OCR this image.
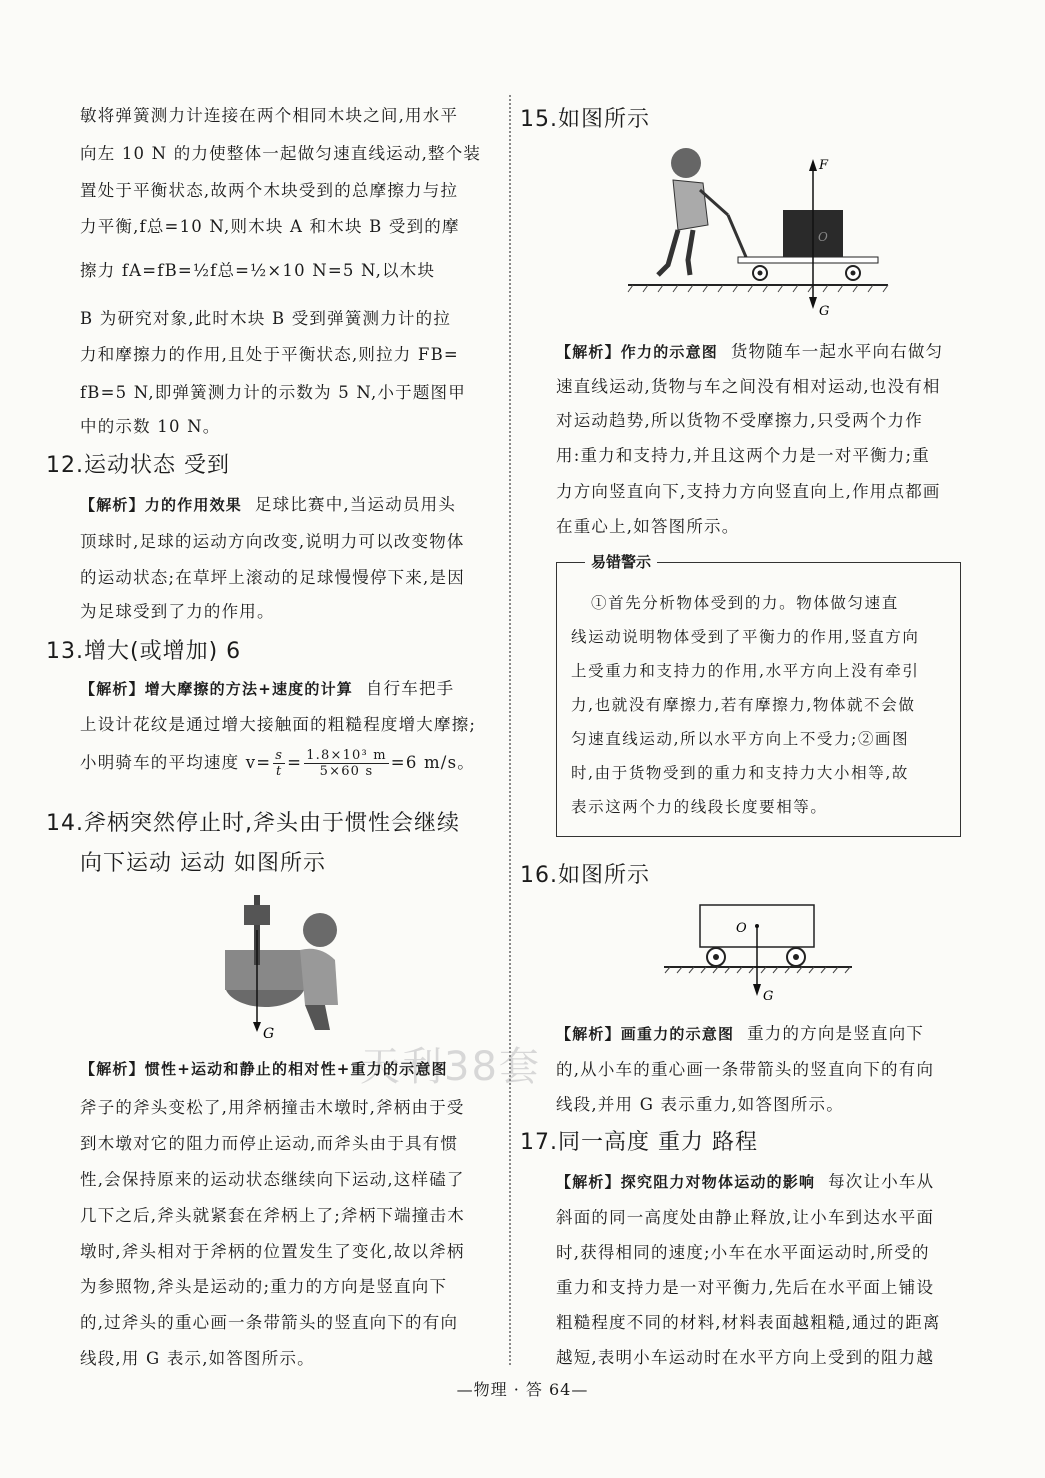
天利38套
敏将弹簧测力计连接在两个相同木块之间,用水平
向左 10 N 的力使整体一起做匀速直线运动,整个装
置处于平衡状态,故两个木块受到的总摩擦力与拉
力平衡,f总=10 N,则木块 A 和木块 B 受到的摩
擦力 fA=fB=½f总=½×10 N=5 N,以木块
B 为研究对象,此时木块 B 受到弹簧测力计的拉
力和摩擦力的作用,且处于平衡状态,则拉力 FB=
fB=5 N,即弹簧测力计的示数为 5 N,小于题图甲
中的示数 10 N。
12.运动状态 受到
【解析】力的作用效果 足球比赛中,当运动员用头
顶球时,足球的运动方向改变,说明力可以改变物体
的运动状态;在草坪上滚动的足球慢慢停下来,是因
为足球受到了力的作用。
13.增大(或增加) 6
【解析】增大摩擦的方法+速度的计算 自行车把手
上设计花纹是通过增大接触面的粗糙程度增大摩擦;
小明骑车的平均速度 $v= \frac{s}{t} = \frac{\text{1.8×10³ m}}{5\times 60 s} =6$ m/s。
14.斧柄突然停止时,斧头由于惯性会继续
向下运动 运动 如图所示
G
【解析】惯性+运动和静止的相对性+重力的示意图
斧子的斧头变松了,用斧柄撞击木墩时,斧柄由于受
到木墩对它的阻力而停止运动,而斧头由于具有惯
性,会保持原来的运动状态继续向下运动,这样磕了
几下之后,斧头就紧套在斧柄上了;斧柄下端撞击木
墩时,斧头相对于斧柄的位置发生了变化,故以斧柄
为参照物,斧头是运动的;重力的方向是竖直向下
的,过斧头的重心画一条带箭头的竖直向下的有向
线段,用 G 表示,如答图所示。
15.如图所示
F
O
G
【解析】作力的示意图 货物随车一起水平向右做匀
速直线运动,货物与车之间没有相对运动,也没有相
对运动趋势,所以货物不受摩擦力,只受两个力作
用:重力和支持力,并且这两个力是一对平衡力;重
力方向竖直向下,支持力方向竖直向上,作用点都画
在重心上,如答图所示。
易错警示
①首先分析物体受到的力。物体做匀速直
线运动说明物体受到了平衡力的作用,竖直方向
上受重力和支持力的作用,水平方向上没有牵引
力,也就没有摩擦力,若有摩擦力,物体就不会做
匀速直线运动,所以水平方向上不受力;②画图
时,由于货物受到的重力和支持力大小相等,故
表示这两个力的线段长度要相等。
16.如图所示
O
G
【解析】画重力的示意图 重力的方向是竖直向下
的,从小车的重心画一条带箭头的竖直向下的有向
线段,并用 G 表示重力,如答图所示。
17.同一高度 重力 路程
【解析】探究阻力对物体运动的影响 每次让小车从
斜面的同一高度处由静止释放,让小车到达水平面
时,获得相同的速度;小车在水平面运动时,所受的
重力和支持力是一对平衡力,先后在水平面上铺设
粗糙程度不同的材料,材料表面越粗糙,通过的距离
越短,表明小车运动时在水平方向上受到的阻力越
—物理 · 答 64—
